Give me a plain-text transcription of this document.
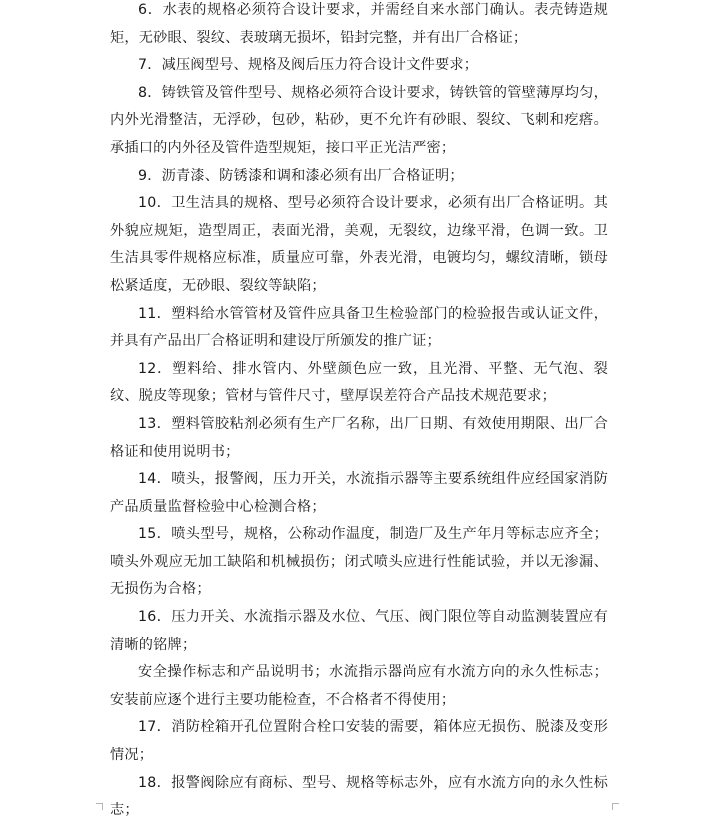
6．水表的规格必须符合设计要求，并需经自来水部门确认。表壳铸造规矩，无砂眼、裂纹、表玻璃无损坏，铅封完整，并有出厂合格证；

7．减压阀型号、规格及阀后压力符合设计文件要求；

8．铸铁管及管件型号、规格必须符合设计要求，铸铁管的管壁薄厚均匀，内外光滑整洁，无浮砂，包砂，粘砂，更不允许有砂眼、裂纹、飞刺和疙瘩。承插口的内外径及管件造型规矩，接口平正光洁严密；

9．沥青漆、防锈漆和调和漆必须有出厂合格证明；

10．卫生洁具的规格、型号必须符合设计要求，必须有出厂合格证明。其外貌应规矩，造型周正，表面光滑，美观，无裂纹，边缘平滑，色调一致。卫生洁具零件规格应标准，质量应可靠，外表光滑，电镀均匀，螺纹清晰，锁母松紧适度，无砂眼、裂纹等缺陷；

11．塑料给水管管材及管件应具备卫生检验部门的检验报告或认证文件，并具有产品出厂合格证明和建设厅所颁发的推广证；

12．塑料给、排水管内、外壁颜色应一致，且光滑、平整、无气泡、裂纹、脱皮等现象；管材与管件尺寸，壁厚误差符合产品技术规范要求；

13．塑料管胶粘剂必须有生产厂名称，出厂日期、有效使用期限、出厂合格证和使用说明书；

14．喷头，报警阀，压力开关，水流指示器等主要系统组件应经国家消防产品质量监督检验中心检测合格；

15．喷头型号，规格，公称动作温度，制造厂及生产年月等标志应齐全；喷头外观应无加工缺陷和机械损伤；闭式喷头应进行性能试验，并以无渗漏、无损伤为合格；

16．压力开关、水流指示器及水位、气压、阀门限位等自动监测装置应有清晰的铭牌；

安全操作标志和产品说明书；水流指示器尚应有水流方向的永久性标志；安装前应逐个进行主要功能检查，不合格者不得使用；

17．消防栓箱开孔位置附合栓口安装的需要，箱体应无损伤、脱漆及变形情况；

18．报警阀除应有商标、型号、规格等标志外，应有水流方向的永久性标志；
